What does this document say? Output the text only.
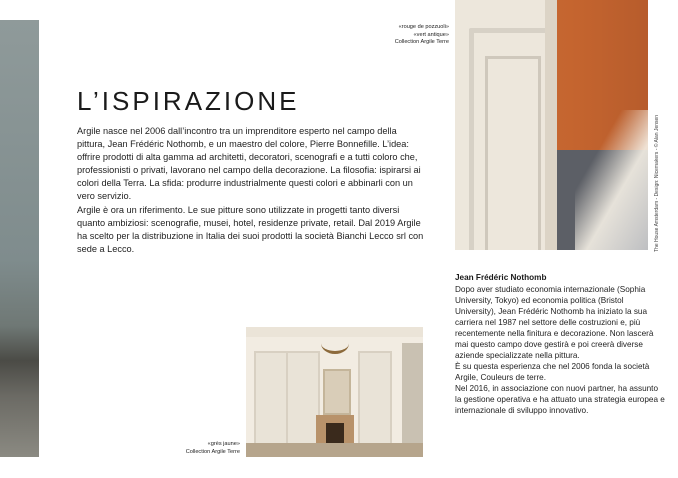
The House Amsterdam - Design: Nicemakers - © Alan Jensen
«rouge de pozzuoli»
«vert antique»
Collection Argile Terre
L’ISPIRAZIONE

Argile nasce nel 2006 dall’incontro tra un imprenditore esperto nel campo della pittura, Jean Frédéric Nothomb, e un maestro del colore, Pierre Bonnefille. L’idea: offrire prodotti di alta gamma ad architetti, decoratori, scenografi e a tutti coloro che, professionisti o privati, lavorano nel campo della decorazione. La filosofia: ispirarsi ai colori della Terra. La sfida: produrre industrialmente questi colori e abbinarli con un vero servizio.

Argile è ora un riferimento. Le sue pitture sono utilizzate in progetti tanto diversi quanto ambiziosi: scenografie, musei, hotel, residenze private, retail. Dal 2019 Argile ha scelto per la distribuzione in Italia dei suoi prodotti la società Bianchi Lecco srl con sede a Lecco.

«grès jaune»
Collection Argile Terre
Jean Frédéric Nothomb

Dopo aver studiato economia internazionale (Sophia University, Tokyo) ed economia politica (Bristol University), Jean Frédéric Nothomb ha iniziato la sua carriera nel 1987 nel settore delle costruzioni e, più recentemente nella finitura e decorazione. Non lascerà mai questo campo dove gestirà e poi creerà diverse aziende specializzate nella pittura.

È su questa esperienza che nel 2006 fonda la società Argile, Couleurs de terre.

Nel 2016, in associazione con nuovi partner, ha assunto la gestione operativa e ha attuato una strategia europea e internazionale di sviluppo innovativo.
